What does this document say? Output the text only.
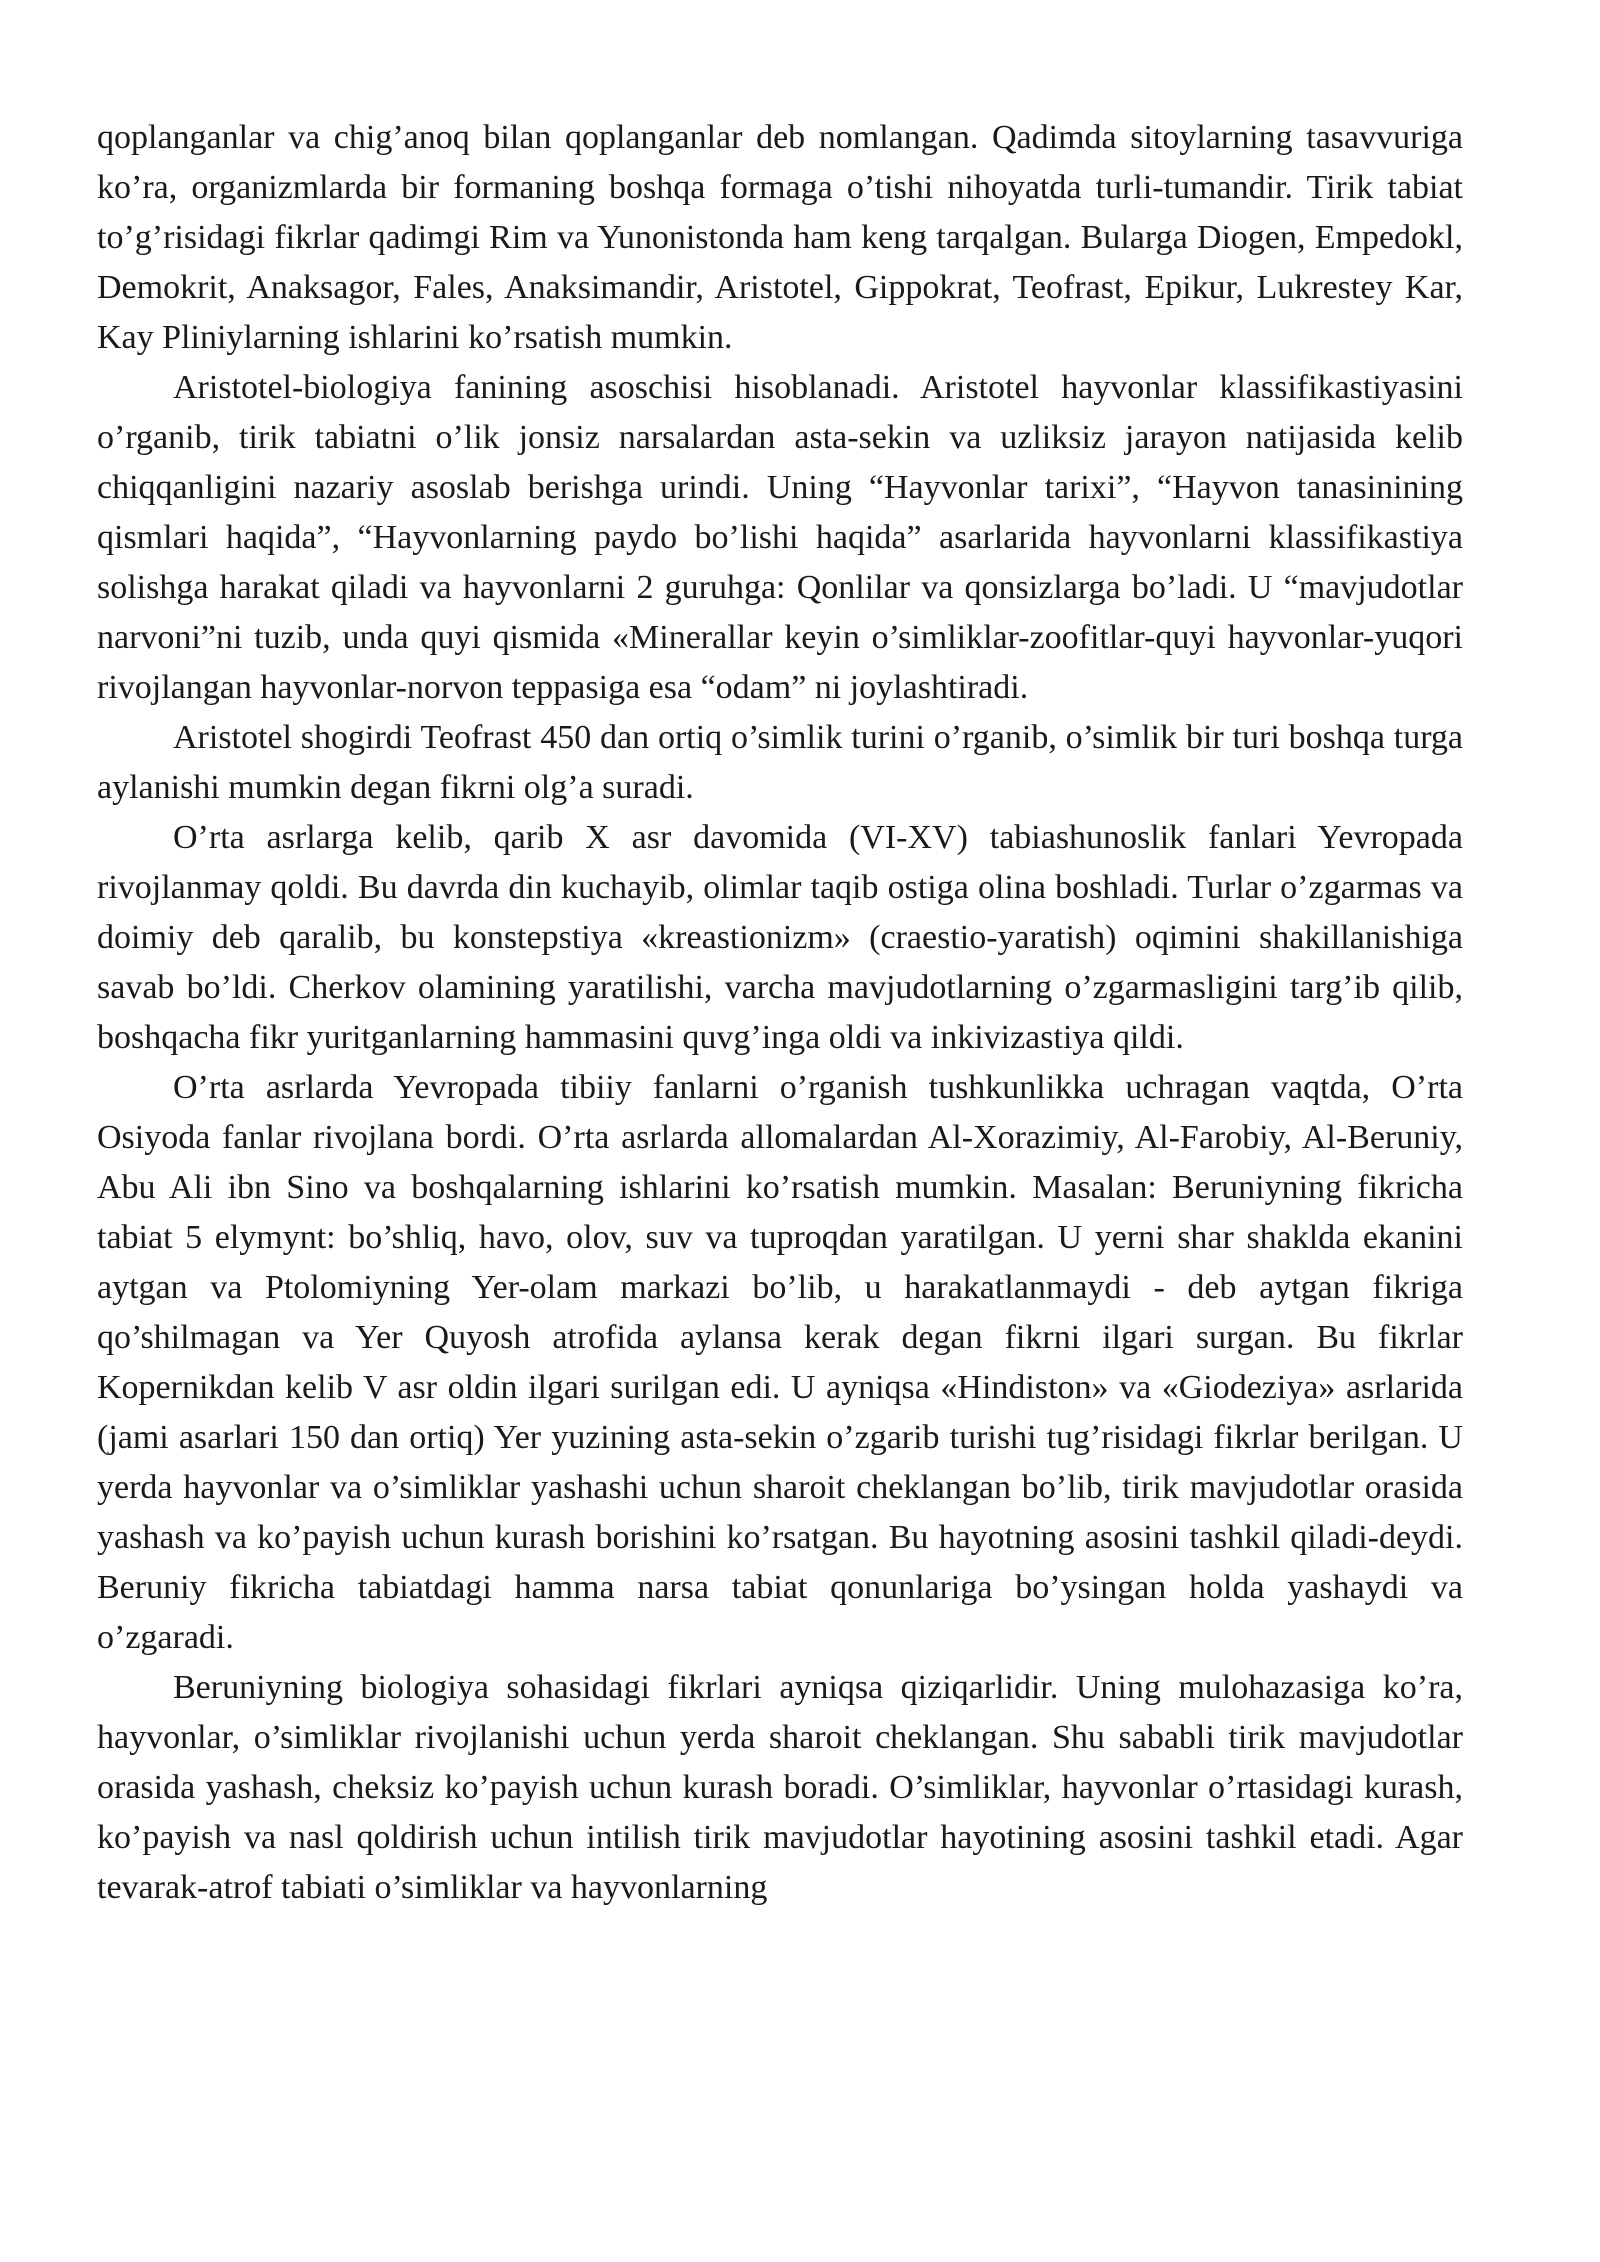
qoplanganlar va chig’anoq bilan qoplanganlar deb nomlangan. Qadimda sitoylarning tasavvuriga ko’ra, organizmlarda bir formaning boshqa formaga o’tishi nihoyatda turli-tumandir. Tirik tabiat to’g’risidagi fikrlar qadimgi Rim va Yunonistonda ham keng tarqalgan. Bularga Diogen, Empedokl, Demokrit, Anaksagor, Fales, Anaksimandir, Aristotel, Gippokrat, Teofrast, Epikur, Lukrestey Kar, Kay Pliniylarning ishlarini ko’rsatish mumkin.

Aristotel-biologiya fanining asoschisi hisoblanadi. Aristotel hayvonlar klassifikastiyasini o’rganib, tirik tabiatni o’lik jonsiz narsalardan asta-sekin va uzliksiz jarayon natijasida kelib chiqqanligini nazariy asoslab berishga urindi. Uning “Hayvonlar tarixi”, “Hayvon tanasinining qismlari haqida”, “Hayvonlarning paydo bo’lishi haqida” asarlarida hayvonlarni klassifikastiya solishga harakat qiladi va hayvonlarni 2 guruhga: Qonlilar va qonsizlarga bo’ladi. U “mavjudotlar narvoni”ni tuzib, unda quyi qismida «Minerallar keyin o’simliklar-zoofitlar-quyi hayvonlar-yuqori rivojlangan hayvonlar-norvon teppasiga esa “odam” ni joylashtiradi.

Aristotel shogirdi Teofrast 450 dan ortiq o’simlik turini o’rganib, o’simlik bir turi boshqa turga aylanishi mumkin degan fikrni olg’a suradi.

O’rta asrlarga kelib, qarib X asr davomida (VI-XV) tabiashunoslik fanlari Yevropada rivojlanmay qoldi. Bu davrda din kuchayib, olimlar taqib ostiga olina boshladi. Turlar o’zgarmas va doimiy deb qaralib, bu konstepstiya «kreastionizm» (craestio-yaratish) oqimini shakillanishiga savab bo’ldi. Cherkov olamining yaratilishi, varcha mavjudotlarning o’zgarmasligini targ’ib qilib, boshqacha fikr yuritganlarning hammasini quvg’inga oldi va inkivizastiya qildi.

O’rta asrlarda Yevropada tibiiy fanlarni o’rganish tushkunlikka uchragan vaqtda, O’rta Osiyoda fanlar rivojlana bordi. O’rta asrlarda allomalardan Al-Xorazimiy, Al-Farobiy, Al-Beruniy, Abu Ali ibn Sino va boshqalarning ishlarini ko’rsatish mumkin. Masalan: Beruniyning fikricha tabiat 5 elymynt: bo’shliq, havo, olov, suv va tuproqdan yaratilgan. U yerni shar shaklda ekanini aytgan va Ptolomiyning Yer-olam markazi bo’lib, u harakatlanmaydi - deb aytgan fikriga qo’shilmagan va Yer Quyosh atrofida aylansa kerak degan fikrni ilgari surgan. Bu fikrlar Kopernikdan kelib V asr oldin ilgari surilgan edi. U ayniqsa «Hindiston» va «Giodeziya» asrlarida (jami asarlari 150 dan ortiq) Yer yuzining asta-sekin o’zgarib turishi tug’risidagi fikrlar berilgan. U yerda hayvonlar va o’simliklar yashashi uchun sharoit cheklangan bo’lib, tirik mavjudotlar orasida yashash va ko’payish uchun kurash borishini ko’rsatgan. Bu hayotning asosini tashkil qiladi-deydi. Beruniy fikricha tabiatdagi hamma narsa tabiat qonunlariga bo’ysingan holda yashaydi va o’zgaradi.

Beruniyning biologiya sohasidagi fikrlari ayniqsa qiziqarlidir. Uning mulohazasiga ko’ra, hayvonlar, o’simliklar rivojlanishi uchun yerda sharoit cheklangan. Shu sababli tirik mavjudotlar orasida yashash, cheksiz ko’payish uchun kurash boradi. O’simliklar, hayvonlar o’rtasidagi kurash, ko’payish va nasl qoldirish uchun intilish tirik mavjudotlar hayotining asosini tashkil etadi. Agar tevarak-atrof tabiati o’simliklar va hayvonlarning
